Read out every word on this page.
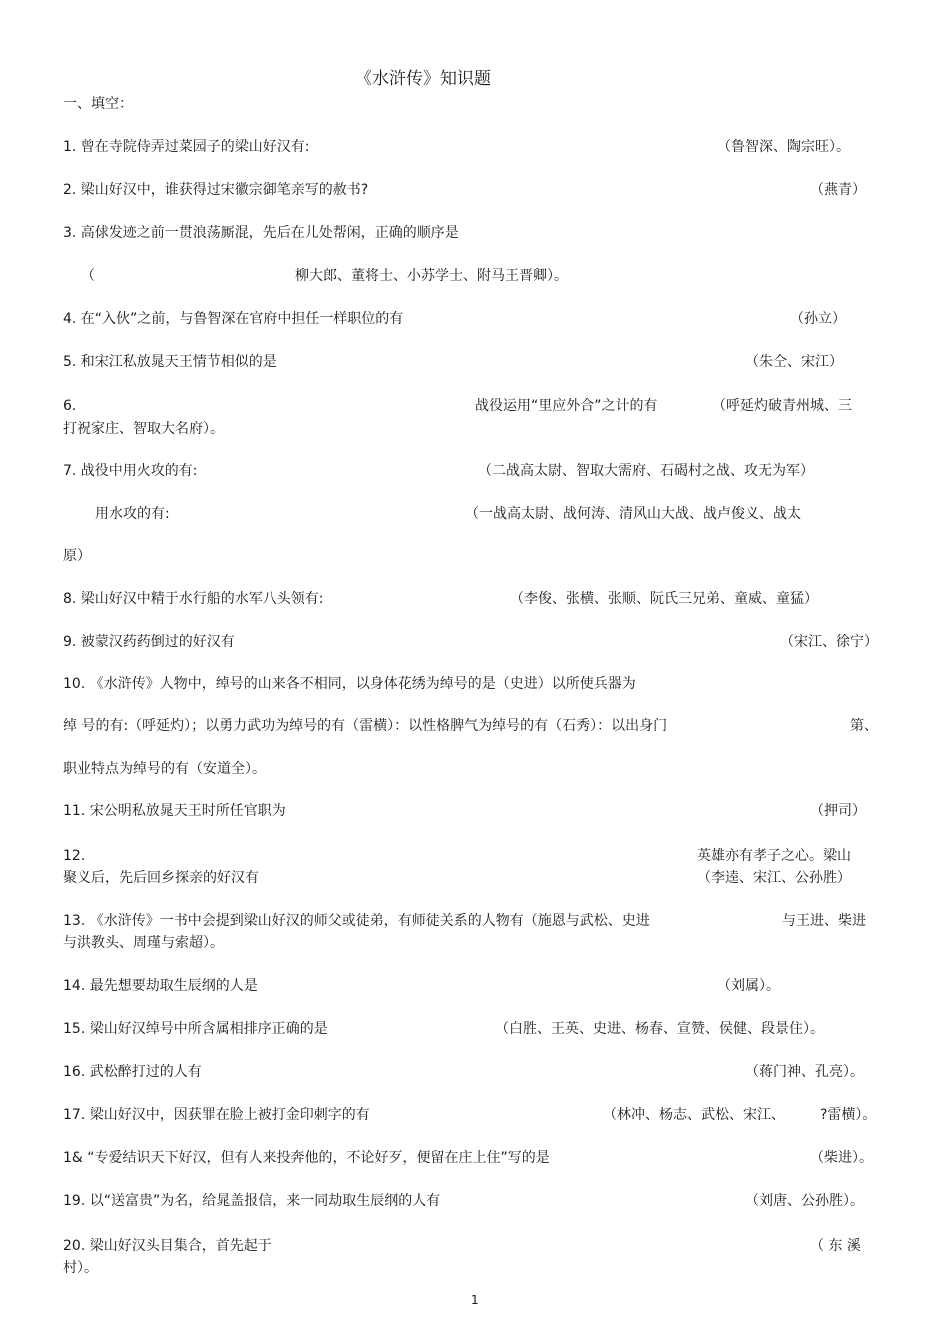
《水浒传》知识题
一、填空：
1. 曾在寺院侍弄过菜园子的梁山好汉有:	（鲁智深、陶宗旺）。
2. 梁山好汉中，谁获得过宋徽宗御笔亲写的赦书?	（燕青）
3. 高俅发迹之前一贯浪荡厮混，先后在儿处帮闲，正确的顺序是
（	柳大郎、董将士、小苏学士、附马王晋卿）。
4. 在“入伙”之前，与鲁智深在官府中担任一样职位的有	（孙立）
5. 和宋江私放晁天王情节相似的是	（朱仝、宋江）
6.	战役运用“里应外合”之计的有	（呼延灼破青州城、三
打祝家庄、智取大名府）。
7. 战役中用火攻的有:	（二战高太尉、智取大需府、石碣村之战、攻无为军）
用水攻的有:	（一战高太尉、战何涛、清风山大战、战卢俊义、战太
原）
8. 梁山好汉中精于水行船的水军八头领有:	（李俊、张横、张顺、阮氏三兄弟、童威、童猛）
9. 被蒙汉药药倒过的好汉有	（宋江、徐宁）
10. 《水浒传》人物中，绰号的山来各不相同，以身体花绣为绰号的是（史进）以所使兵器为
绰 号的有:（呼延灼）；以勇力武功为绰号的有（雷横）：以性格脾气为绰号的有（石秀）：以出身门	第、
职业特点为绰号的有（安道全）。
11. 宋公明私放晁天王时所任官职为	（押司）
12.	英雄亦有孝子之心。梁山
聚义后，先后回乡探亲的好汉有	（李逵、宋江、公孙胜）
13. 《水浒传》一书中会提到梁山好汉的师父或徒弟，有师徒关系的人物有（施恩与武松、史进	与王进、柴进
与洪教头、周瑾与索超）。
14. 最先想要劫取生辰纲的人是	（刘属）。
15. 梁山好汉绰号中所含属相排序正确的是	（白胜、王英、史进、杨春、宣赞、侯健、段景住）。
16. 武松醉打过的人有	（蒋门神、孔亮）。
17. 梁山好汉中，因获罪在脸上被打金印刺字的有	（林冲、杨志、武松、宋江、	?雷横）。
1& “专爱结识天下好汉，但有人来投奔他的，不论好歹，便留在庄上住”写的是	（柴进）。
19. 以“送富贵”为名，给晁盖报信，来一同劫取生辰纲的人有	（刘唐、公孙胜）。
20. 梁山好汉头目集合，首先起于	（ 东 溪
村）。
1
